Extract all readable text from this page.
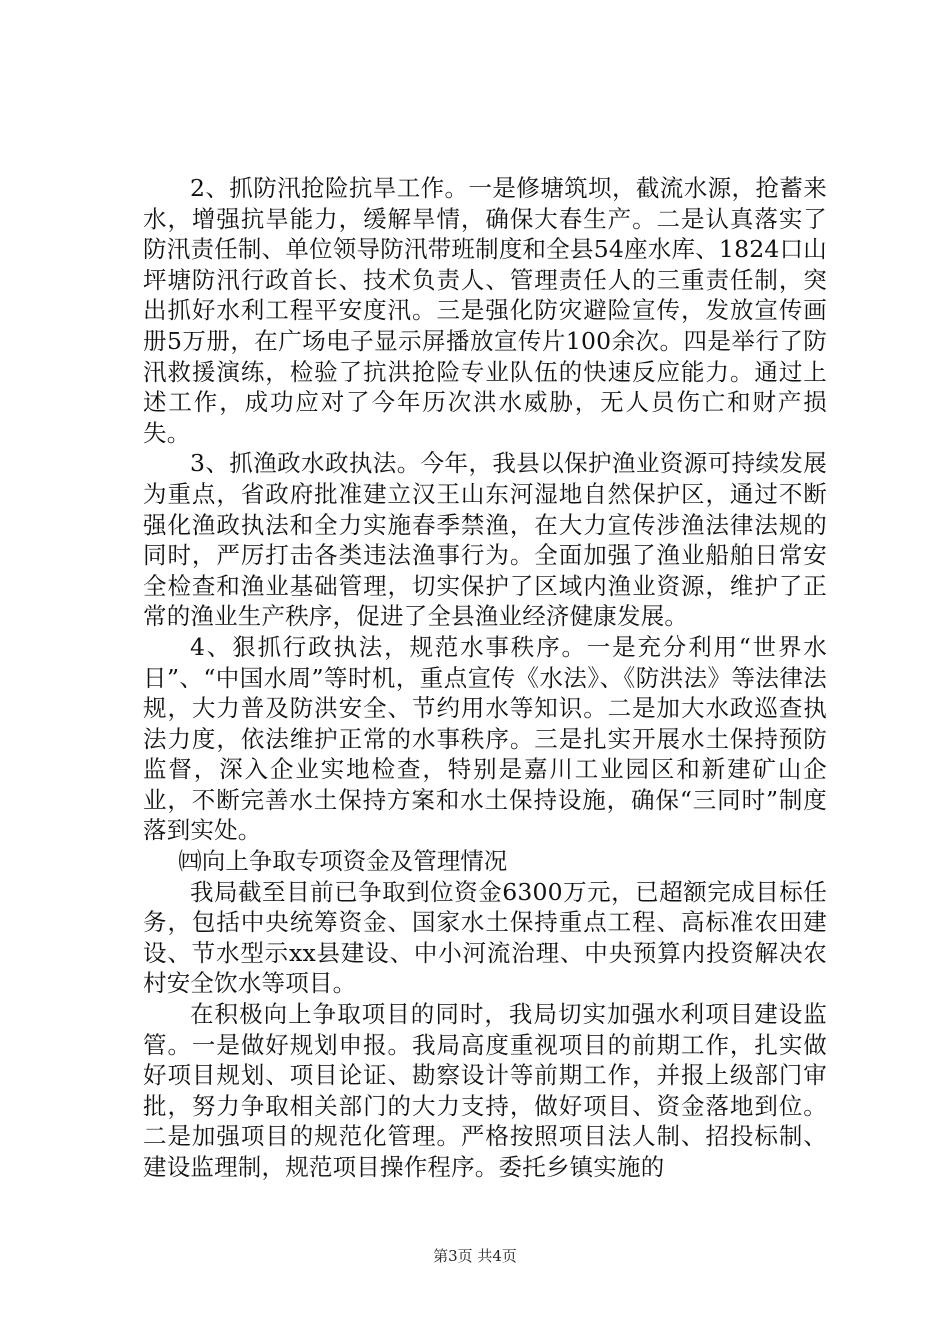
2、抓防汛抢险抗旱工作。一是修塘筑坝，截流水源，抢蓄来水，增强抗旱能力，缓解旱情，确保大春生产。二是认真落实了防汛责任制、单位领导防汛带班制度和全县54座水库、1824口山坪塘防汛行政首长、技术负责人、管理责任人的三重责任制，突出抓好水利工程平安度汛。三是强化防灾避险宣传，发放宣传画册5万册，在广场电子显示屏播放宣传片100余次。四是举行了防汛救援演练，检验了抗洪抢险专业队伍的快速反应能力。通过上述工作，成功应对了今年历次洪水威胁，无人员伤亡和财产损失。

3、抓渔政水政执法。今年，我县以保护渔业资源可持续发展为重点，省政府批准建立汉王山东河湿地自然保护区，通过不断强化渔政执法和全力实施春季禁渔，在大力宣传涉渔法律法规的同时，严厉打击各类违法渔事行为。全面加强了渔业船舶日常安全检查和渔业基础管理，切实保护了区域内渔业资源，维护了正常的渔业生产秩序，促进了全县渔业经济健康发展。

4、狠抓行政执法，规范水事秩序。一是充分利用“世界水日”、“中国水周”等时机，重点宣传《水法》、《防洪法》等法律法规，大力普及防洪安全、节约用水等知识。二是加大水政巡查执法力度，依法维护正常的水事秩序。三是扎实开展水土保持预防监督，深入企业实地检查，特别是嘉川工业园区和新建矿山企业，不断完善水土保持方案和水土保持设施，确保“三同时”制度落到实处。

㈣向上争取专项资金及管理情况

我局截至目前已争取到位资金6300万元，已超额完成目标任务，包括中央统筹资金、国家水土保持重点工程、高标准农田建设、节水型示xx县建设、中小河流治理、中央预算内投资解决农村安全饮水等项目。

在积极向上争取项目的同时，我局切实加强水利项目建设监管。一是做好规划申报。我局高度重视项目的前期工作，扎实做好项目规划、项目论证、勘察设计等前期工作，并报上级部门审批，努力争取相关部门的大力支持，做好项目、资金落地到位。二是加强项目的规范化管理。严格按照项目法人制、招投标制、建设监理制，规范项目操作程序。委托乡镇实施的

第3页 共4页
